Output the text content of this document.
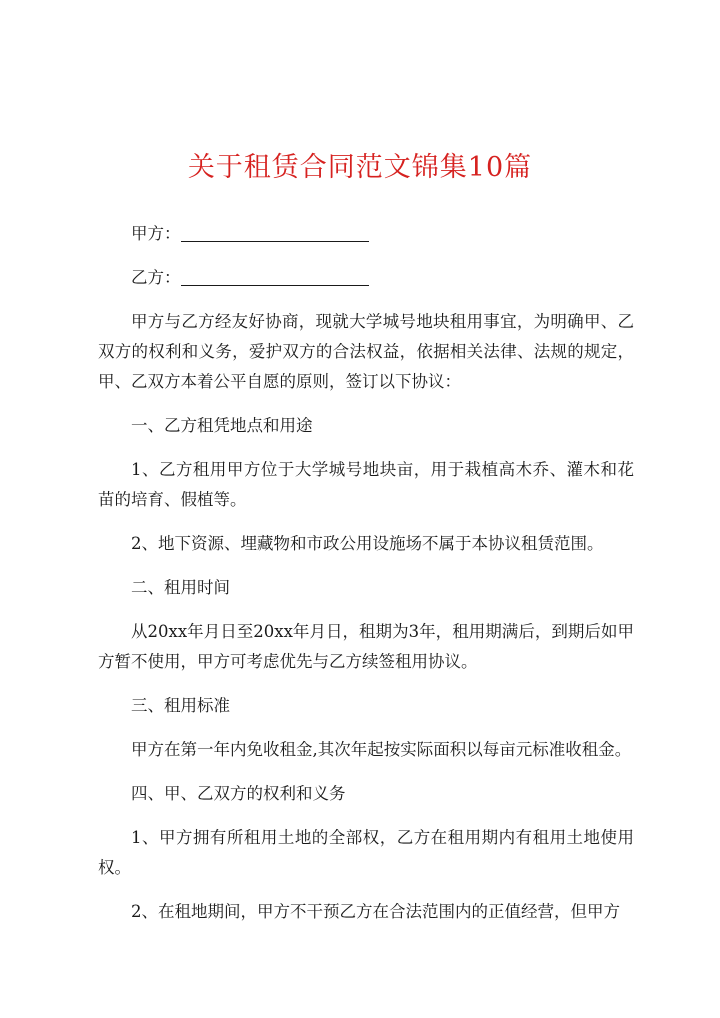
关于租赁合同范文锦集10篇
甲方：
乙方：

甲方与乙方经友好协商，现就大学城号地块租用事宜，为明确甲、乙双方的权利和义务，爱护双方的合法权益，依据相关法律、法规的规定，甲、乙双方本着公平自愿的原则，签订以下协议：

一、乙方租凭地点和用途

1、乙方租用甲方位于大学城号地块亩，用于栽植高木乔、灌木和花苗的培育、假植等。

2、地下资源、埋藏物和市政公用设施场不属于本协议租赁范围。

二、租用时间

从20xx年月日至20xx年月日，租期为3年，租用期满后，到期后如甲方暂不使用，甲方可考虑优先与乙方续签租用协议。

三、租用标准

甲方在第一年内免收租金,其次年起按实际面积以每亩元标准收租金。

四、甲、乙双方的权利和义务

1、甲方拥有所租用土地的全部权，乙方在租用期内有租用土地使用权。

2、在租地期间，甲方不干预乙方在合法范围内的正值经营，但甲方
